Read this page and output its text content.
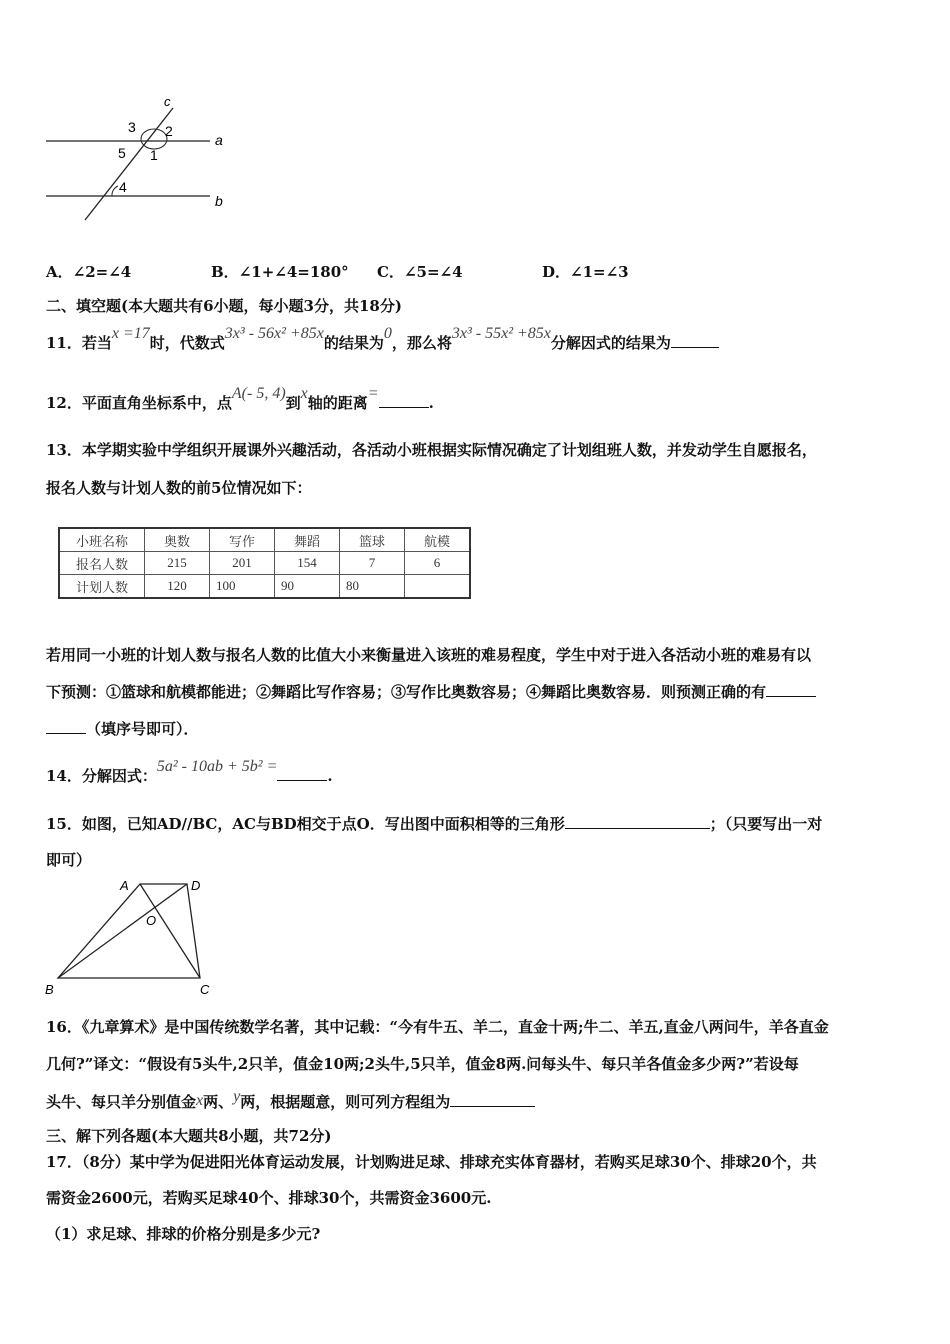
c
3 2
5 1
a
4
b
A．∠2=∠4	B．∠1+∠4=180° C．∠5=∠4	D．∠1=∠3
二、填空题(本大题共有6小题，每小题3分，共18分)
11．若当x =17时，代数式3x³ - 56x² +85x的结果为0，那么将3x³ - 55x² +85x分解因式的结果为
12．平面直角坐标系中，点A(- 5, 4)到x轴的距离=.
13．本学期实验中学组织开展课外兴趣活动，各活动小班根据实际情况确定了计划组班人数，并发动学生自愿报名，
报名人数与计划人数的前5位情况如下：
小班名称	奥数	写作	舞蹈	篮球	航模
报名人数	215	201	154	7	6
计划人数	120	100	90	80
若用同一小班的计划人数与报名人数的比值大小来衡量进入该班的难易程度，学生中对于进入各活动小班的难易有以
下预测：①篮球和航模都能进；②舞蹈比写作容易；③写作比奥数容易；④舞蹈比奥数容易．则预测正确的有
（填序号即可）．
14．分解因式：5a² - 10ab + 5b² =.
15．如图，已知AD//BC，AC与BD相交于点O．写出图中面积相等的三角形	；（只要写出一对
即可）
A	D
O
B	C
16．《九章算术》是中国传统数学名著，其中记载：“今有牛五、羊二，直金十两;牛二、羊五,直金八两问牛，羊各直金
几何?”译文：“假设有5头牛,2只羊，值金10两;2头牛,5只羊，值金8两.问每头牛、每只羊各值金多少两?”若设每
头牛、每只羊分别值金x两、y两，根据题意，则可列方程组为
三、解下列各题(本大题共8小题，共72分)
17．（8分）某中学为促进阳光体育运动发展，计划购进足球、排球充实体育器材，若购买足球30个、排球20个，共
需资金2600元，若购买足球40个、排球30个，共需资金3600元.
（1）求足球、排球的价格分别是多少元?
